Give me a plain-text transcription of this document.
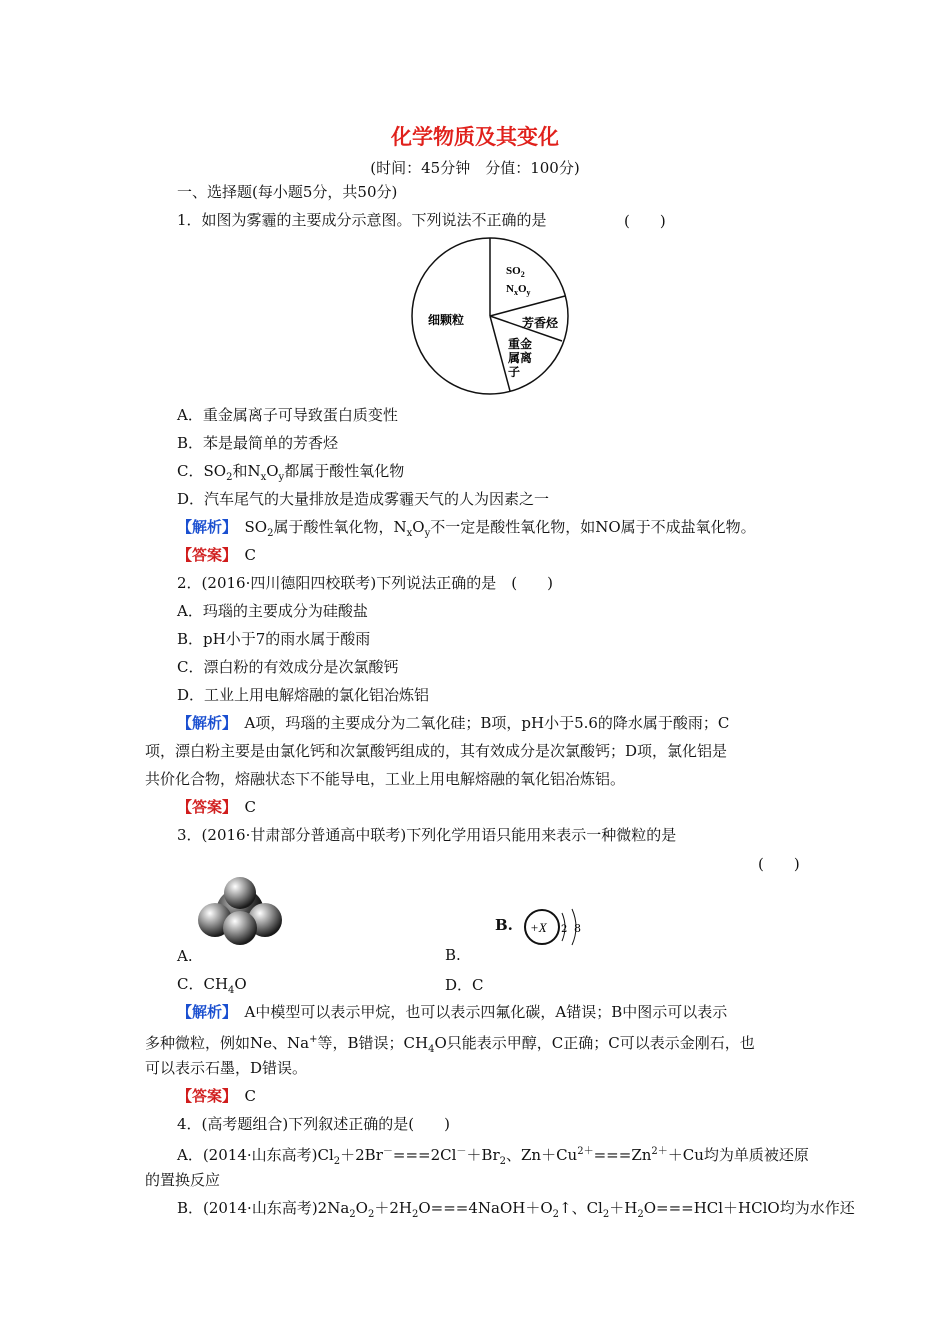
化学物质及其变化
(时间：45分钟　分值：100分)
一、选择题(每小题5分，共50分)
1．如图为雾霾的主要成分示意图。下列说法不正确的是	(　　)
$SO_2$
$N_xO_y$
芳香烃
细颗粒
重金
属离
子
A．重金属离子可导致蛋白质变性
B．苯是最简单的芳香烃
C．$SO_2$和$N_xO_y$都属于酸性氧化物
D．汽车尾气的大量排放是造成雾霾天气的人为因素之一
【解析】　 $SO_2$属于酸性氧化物，$N_xO_y$不一定是酸性氧化物，如NO属于不成盐氧化物。
【答案】　 C
2．(2016·四川德阳四校联考)下列说法正确的是　 (　　)
A．玛瑙的主要成分为硅酸盐
B．pH小于7的雨水属于酸雨
C．漂白粉的有效成分是次氯酸钙
D．工业上用电解熔融的氯化铝冶炼铝
【解析】　 A项，玛瑙的主要成分为二氧化硅；B项，pH小于5.6的降水属于酸雨；C
项，漂白粉主要是由氯化钙和次氯酸钙组成的，其有效成分是次氯酸钙；D项，氯化铝是
共价化合物，熔融状态下不能导电，工业上用电解熔融的氧化铝冶炼铝。
【答案】　 C
3．(2016·甘肃部分普通高中联考)下列化学用语只能用来表示一种微粒的是
(　　)
B. +X 2 8
A.	B.
C．$CH_4O$	D．C
【解析】　 A中模型可以表示甲烷，也可以表示四氟化碳，A错误；B中图示可以表示
多种微粒，例如Ne、Na+等，B错误；$CH_4O$只能表示甲醇，C正确；C可以表示金刚石，也
可以表示石墨，D错误。
【答案】　 C
4．(高考题组合)下列叙述正确的是(　　)
A．(2014·山东高考)$Cl_2+2Br^-===2Cl^-+Br_2$、$Zn+Cu^{2+}===Zn^{2+}+Cu$均为单质被还原
的置换反应
B．(2014·山东高考)$2Na_2O_2+2H_2O===4NaOH+O_2↑$、$Cl_2+H_2O===HCl+HClO$均为水作还
